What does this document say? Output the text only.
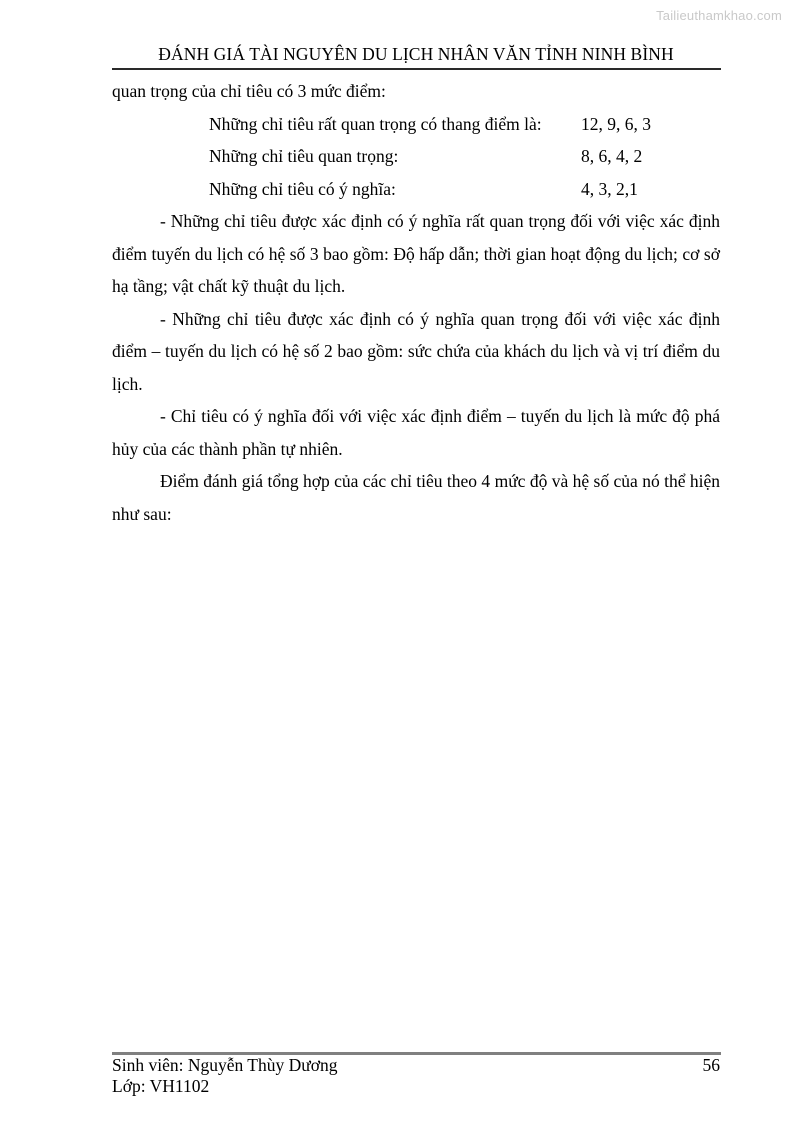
Tailieuthamkhao.com
ĐÁNH GIÁ TÀI NGUYÊN DU LỊCH NHÂN VĂN TỈNH NINH BÌNH

quan trọng của chỉ tiêu có 3 mức điểm:

Những chỉ tiêu rất quan trọng có thang điểm là:	12, 9, 6, 3
Những chỉ tiêu quan trọng:	8, 6, 4, 2
Những chỉ tiêu có ý nghĩa:	4, 3, 2,1

- Những chỉ tiêu được xác định có ý nghĩa rất quan trọng đối với việc xác định điểm tuyến du lịch có hệ số 3 bao gồm: Độ hấp dẫn; thời gian hoạt động du lịch; cơ sở hạ tầng; vật chất kỹ thuật du lịch.

- Những chỉ tiêu được xác định có ý nghĩa quan trọng đối với việc xác định điểm – tuyến du lịch có hệ số 2 bao gồm: sức chứa của khách du lịch và vị trí điểm du lịch.

- Chỉ tiêu có ý nghĩa đối với việc xác định điểm – tuyến du lịch là mức độ phá hủy của các thành phần tự nhiên.

Điểm đánh giá tổng hợp của các chỉ tiêu theo 4 mức độ và hệ số của nó thể hiện như sau:

Sinh viên: Nguyễn Thùy Dương	56
Lớp: VH1102
